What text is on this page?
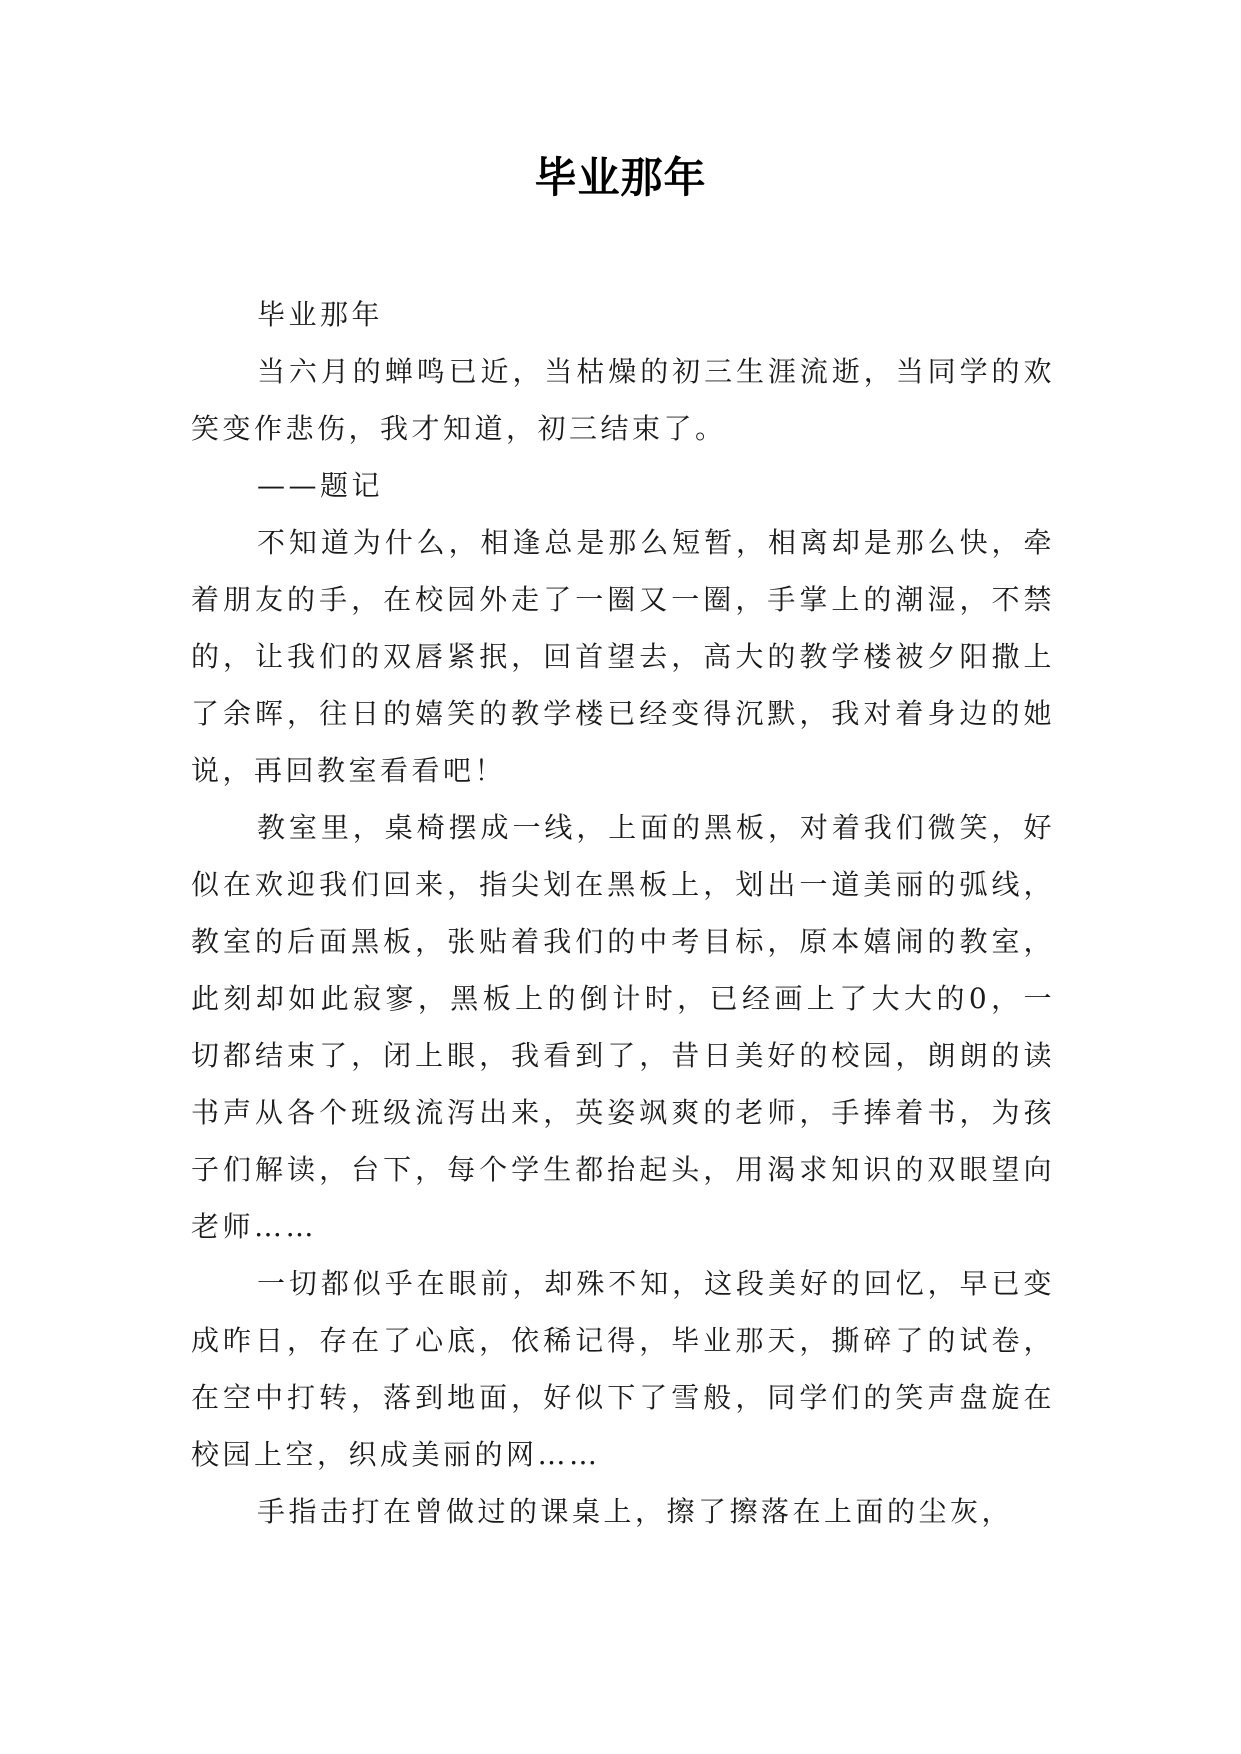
毕业那年

毕业那年

当六月的蝉鸣已近，当枯燥的初三生涯流逝，当同学的欢笑变作悲伤，我才知道，初三结束了。

——题记

不知道为什么，相逢总是那么短暂，相离却是那么快，牵着朋友的手，在校园外走了一圈又一圈，手掌上的潮湿，不禁的，让我们的双唇紧抿，回首望去，高大的教学楼被夕阳撒上了余晖，往日的嬉笑的教学楼已经变得沉默，我对着身边的她说，再回教室看看吧！

教室里，桌椅摆成一线，上面的黑板，对着我们微笑，好似在欢迎我们回来，指尖划在黑板上，划出一道美丽的弧线，教室的后面黑板，张贴着我们的中考目标，原本嬉闹的教室，此刻却如此寂寥，黑板上的倒计时，已经画上了大大的0，一切都结束了，闭上眼，我看到了，昔日美好的校园，朗朗的读书声从各个班级流泻出来，英姿飒爽的老师，手捧着书，为孩子们解读，台下，每个学生都抬起头，用渴求知识的双眼望向老师……

一切都似乎在眼前，却殊不知，这段美好的回忆，早已变成昨日，存在了心底，依稀记得，毕业那天，撕碎了的试卷，在空中打转，落到地面，好似下了雪般，同学们的笑声盘旋在校园上空，织成美丽的网……

手指击打在曾做过的课桌上，擦了擦落在上面的尘灰，
